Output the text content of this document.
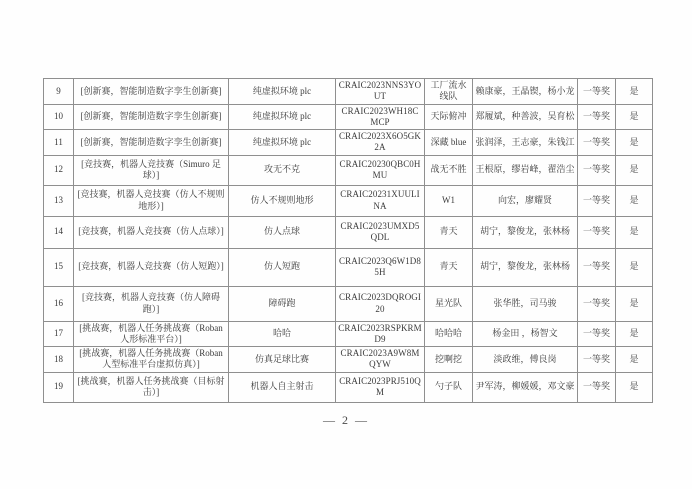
9	[创新赛，智能制造数字孪生创新赛]	纯虚拟环境 plc	CRAIC2023NNS3YOUT	工厂流水线队	赖康豪，王晶锲，杨小龙	一等奖	是
10	[创新赛，智能制造数字孪生创新赛]	纯虚拟环境 plc	CRAIC2023WH18CMCP	天际俯冲	郑履斌，种善波，吴育松	一等奖	是
11	[创新赛，智能制造数字孪生创新赛]	纯虚拟环境 plc	CRAIC2023X6O5GK2A	深藏 blue	张润泽，王志豪，朱钱江	一等奖	是
12	[竞技赛，机器人竞技赛（Simuro 足球）]	攻无不克	CRAIC20230QBC0HMU	战无不胜	王根原，缪岩峰，翟浩尘	一等奖	是
13	[竞技赛，机器人竞技赛（仿人不规则地形）]	仿人不规则地形	CRAIC20231XUULINA	W1	向宏，廖耀贤	一等奖	是
14	[竞技赛，机器人竞技赛（仿人点球）]	仿人点球	CRAIC2023UMXD5QDL	青天	胡宁，黎俊龙，张林杨	一等奖	是
15	[竞技赛，机器人竞技赛（仿人短跑）]	仿人短跑	CRAIC2023Q6W1D85H	青天	胡宁，黎俊龙，张林杨	一等奖	是
16	[竞技赛，机器人竞技赛（仿人障碍跑）]	障碍跑	CRAIC2023DQROGI20	星光队	张华胜，司马骏	一等奖	是
17	[挑战赛，机器人任务挑战赛（Roban 人形标准平台）]	哈哈	CRAIC2023RSPKRMD9	哈哈哈	杨金田 ，杨智文	一等奖	是
18	[挑战赛，机器人任务挑战赛（Roban 人型标准平台虚拟仿真）]	仿真足球比赛	CRAIC2023A9W8MQYW	挖啊挖	淡政维，傅良岗	一等奖	是
19	[挑战赛，机器人任务挑战赛（目标射击）]	机器人自主射击	CRAIC2023PRJ510QM	勺子队	尹军涛，柳媛媛，邓文豪	一等奖	是
— 2 —
